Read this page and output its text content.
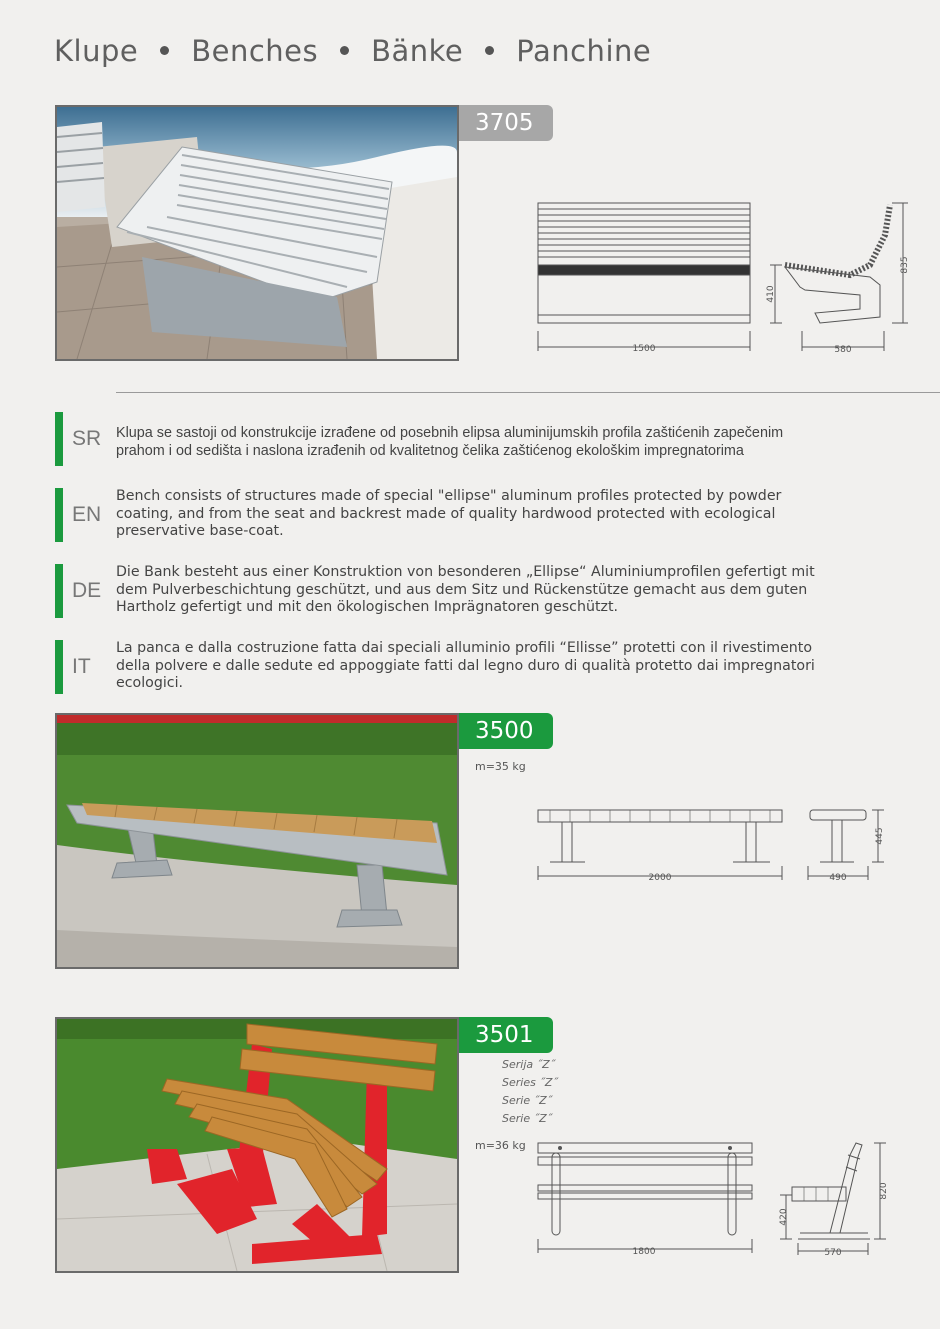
Klupe Benches Bänke Panchine
3705
1500	580
410
835
SR Klupa se sastoji od konstrukcije izrađene od posebnih elipsa aluminijumskih profila zaštićenih zapečenim prahom i od sedišta i naslona izrađenih od kvalitetnog čelika zaštićenog ekološkim impregnatorima
EN
Bench consists of structures made of special "ellipse" aluminum profiles protected by powder coating, and from the seat and backrest made of quality hardwood protected with ecological preservative base-coat.
DE
Die Bank besteht aus einer Konstruktion von besonderen „Ellipse“ Aluminiumprofilen gefertigt mit dem Pulverbeschichtung geschützt, und aus dem Sitz und Rückenstütze gemacht aus dem guten Hartholz gefertigt und mit den ökologischen Imprägnatoren geschützt.
IT
La panca e dalla costruzione fatta dai speciali alluminio profili “Ellisse” protetti con il rivestimento della polvere e dalle sedute ed appoggiate fatti dal legno duro di qualità protetto dai impregnatori ecologici.
3500
m=35 kg
2000	490
445
3501
Serija ˝Z˝
Series ˝Z˝
Serie ˝Z˝
Serie ˝Z˝
m=36 kg
1800	570
420
820
